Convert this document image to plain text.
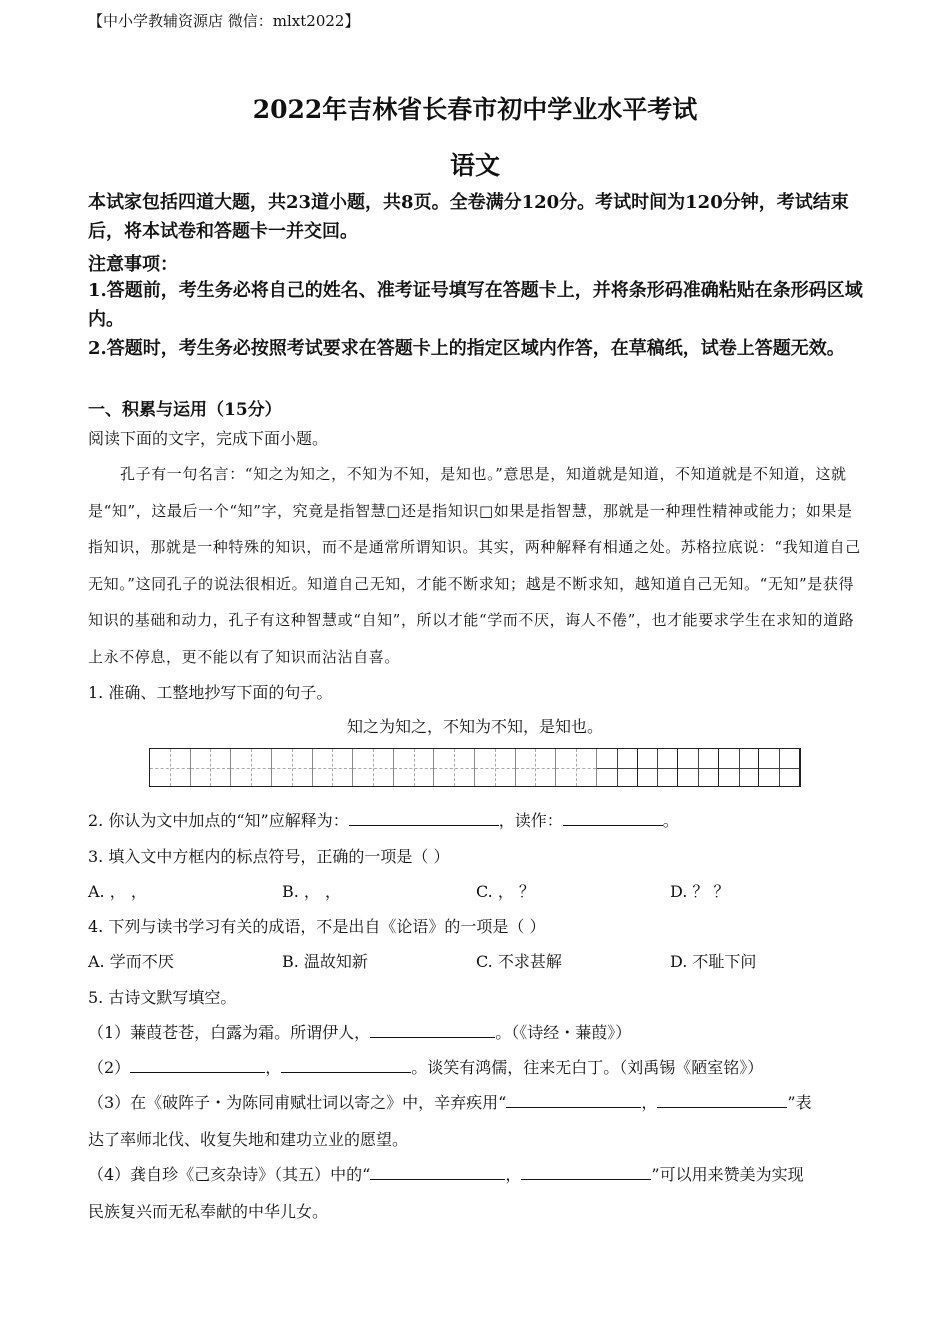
【中小学教辅资源店 微信：mlxt2022】
2022年吉林省长春市初中学业水平考试
语文
本试家包括四道大题，共23道小题，共8页。全卷满分120分。考试时间为120分钟，考试结束后，将本试卷和答题卡一并交回。
注意事项：
1.答题前，考生务必将自己的姓名、准考证号填写在答题卡上，并将条形码准确粘贴在条形码区域内。
2.答题时，考生务必按照考试要求在答题卡上的指定区域内作答，在草稿纸，试卷上答题无效。
一、积累与运用（15分）
阅读下面的文字，完成下面小题。
孔子有一句名言：“知之为知之，不知为不知，是知也。”意思是，知道就是知道，不知道就是不知道，这就是“知”，这最后一个“知”字，究竟是指智慧□还是指知识□如果是指智慧，那就是一种理性精神或能力；如果是指知识，那就是一种特殊的知识，而不是通常所谓知识。其实，两种解释有相通之处。苏格拉底说：“我知道自己无知。”这同孔子的说法很相近。知道自己无知，才能不断求知；越是不断求知，越知道自己无知。“无知”是获得知识的基础和动力，孔子有这种智慧或“自知”，所以才能“学而不厌，诲人不倦”，也才能要求学生在求知的道路上永不停息，更不能以有了知识而沾沾自喜。
1. 准确、工整地抄写下面的句子。
知之为知之，不知为不知，是知也。
2. 你认为文中加点的“知”应解释为：	，读作：	。
3. 填入文中方框内的标点符号，正确的一项是（ ）
A. ， ，	B. ， ，	C. ， ？	D. ？ ？
4. 下列与读书学习有关的成语，不是出自《论语》的一项是（ ）
A. 学而不厌	B. 温故知新	C. 不求甚解	D. 不耻下问
5. 古诗文默写填空。
（1）蒹葭苍苍，白露为霜。所谓伊人，	。（《诗经・蒹葭》）
（2）	，	。谈笑有鸿儒，往来无白丁。（刘禹锡《陋室铭》）
（3）在《破阵子・为陈同甫赋壮词以寄之》中，辛弃疾用“	，	”表
达了率师北伐、收复失地和建功立业的愿望。
（4）龚自珍《己亥杂诗》（其五）中的“	，	”可以用来赞美为实现
民族复兴而无私奉献的中华儿女。
